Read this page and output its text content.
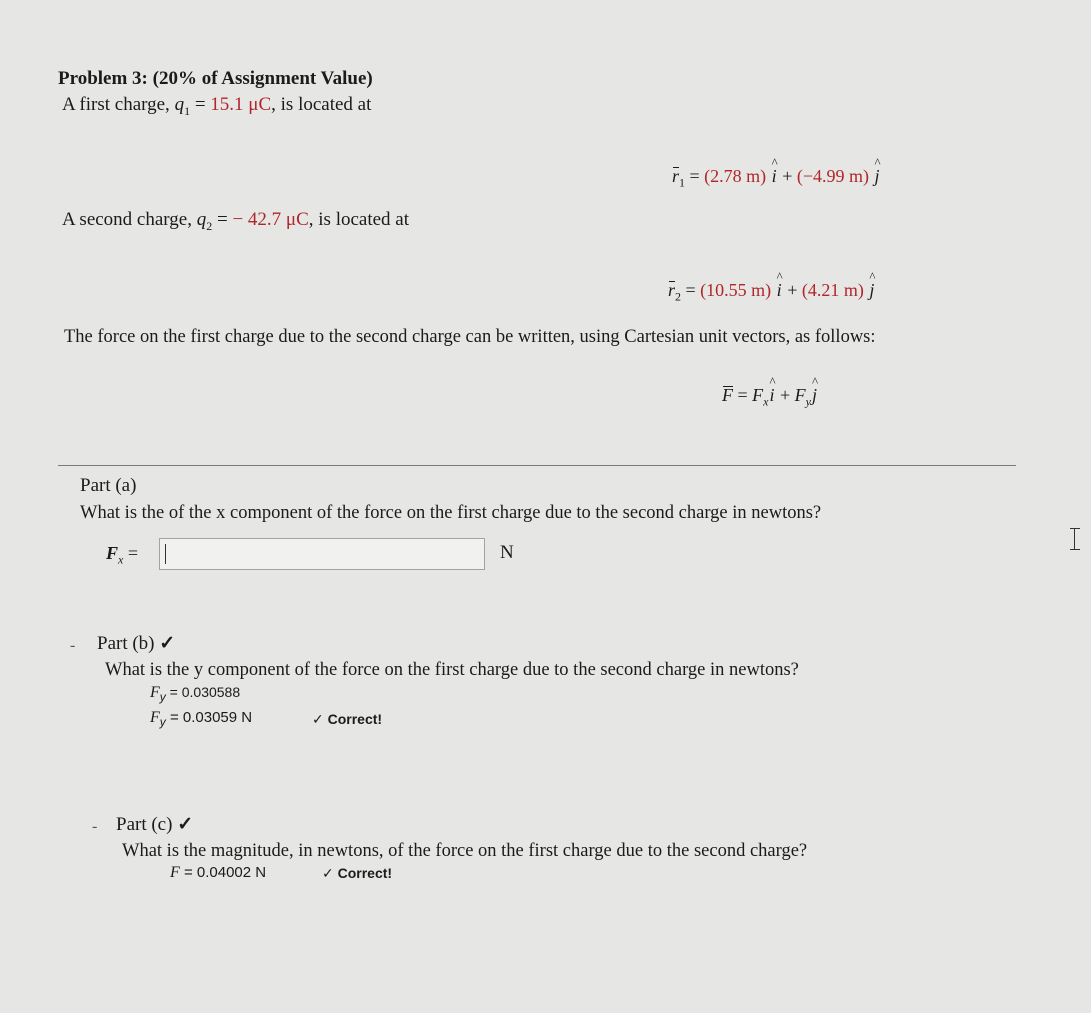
Problem 3: (20% of Assignment Value)
A first charge, $q_1 = 15.1$ μC, is located at
$r_1 = (2.78$ m) ^ i + (−4.99 m) ^ j
A second charge, $q_2$ = − 42.7 μC, is located at
$r_2 = (10.55$ m) ^ i + (4.21 m) ^ j
The force on the first charge due to the second charge can be written, using Cartesian unit vectors, as follows:
$F = F_x\^{}$ $i + F_y\^{}$ j
Part (a)
What is the of the x component of the force on the first charge due to the second charge in newtons?
$F_x$ =	N
- Part (b) ✓
What is the y component of the force on the first charge due to the second charge in newtons?
$F_y = 0.030588$
$F_y = 0.03059$ N	✓ Correct!
- Part (c) ✓
What is the magnitude, in newtons, of the force on the first charge due to the second charge?
F = 0.04002 N	✓ Correct!
